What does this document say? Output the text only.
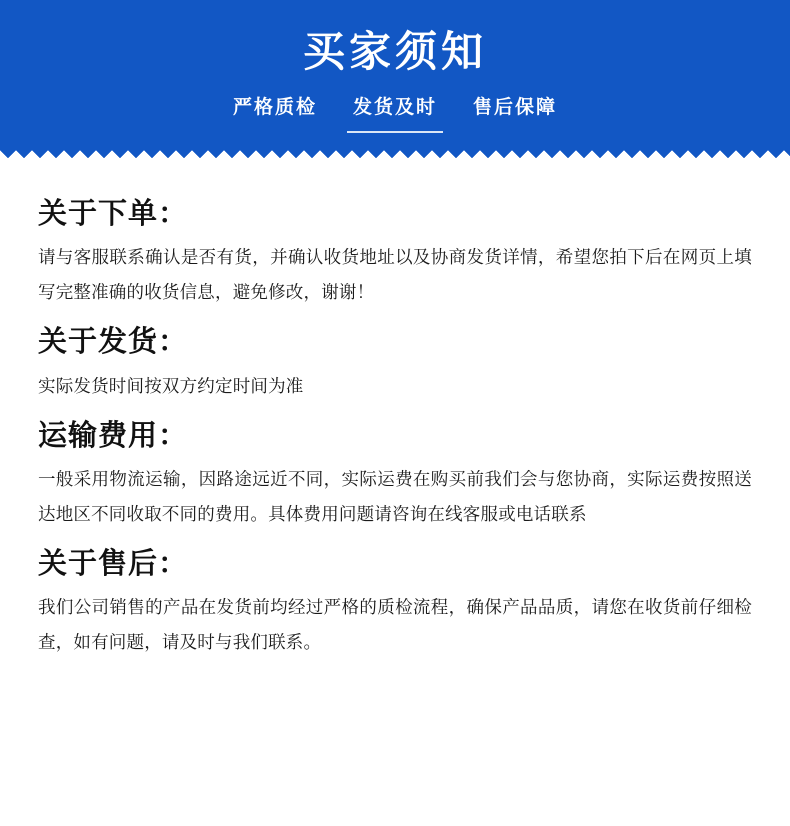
买家须知
严格质检 发货及时 售后保障
关于下单：

请与客服联系确认是否有货，并确认收货地址以及协商发货详情，希望您拍下后在网页上填写完整准确的收货信息，避免修改，谢谢！

关于发货：

实际发货时间按双方约定时间为准

运输费用：

一般采用物流运输，因路途远近不同，实际运费在购买前我们会与您协商，实际运费按照送达地区不同收取不同的费用。具体费用问题请咨询在线客服或电话联系

关于售后：

我们公司销售的产品在发货前均经过严格的质检流程，确保产品品质，请您在收货前仔细检查，如有问题，请及时与我们联系。
